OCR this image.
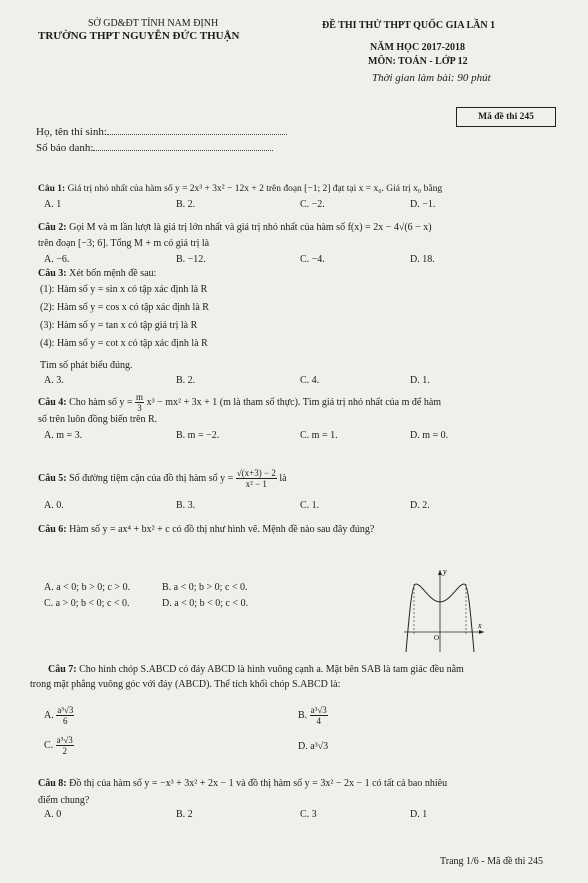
SỞ GD&ĐT TỈNH NAM ĐỊNH
TRƯỜNG THPT NGUYỄN ĐỨC THUẬN
ĐỀ THI THỬ THPT QUỐC GIA LẦN 1
NĂM HỌC 2017-2018
MÔN: TOÁN - LỚP 12
Thời gian làm bài: 90 phút
Mã đề thi 245
Họ, tên thí sinh:
Số báo danh:
Câu 1: Giá trị nhỏ nhất của hàm số y = 2x³ + 3x² − 12x + 2 trên đoạn [−1; 2] đạt tại x = x₀. Giá trị x₀ bằng
A. 1	B. 2.	C. −2.	D. −1.
Câu 2: Gọi M và m lần lượt là giá trị lớn nhất và giá trị nhỏ nhất của hàm số f(x) = 2x − 4√(6 − x)
trên đoạn [−3; 6]. Tổng M + m có giá trị là
A. −6.	B. −12.	C. −4.	D. 18.
Câu 3: Xét bốn mệnh đề sau:
(1): Hàm số y = sin x có tập xác định là R
(2): Hàm số y = cos x có tập xác định là R
(3): Hàm số y = tan x có tập giá trị là R
(4): Hàm số y = cot x có tập xác định là R
Tìm số phát biểu đúng.
A. 3.	B. 2.	C. 4.	D. 1.
Câu 4: Cho hàm số $y = \frac{m}{3} x^3 - mx^2 + 3x + 1$ (m là tham số thực). Tìm giá trị nhỏ nhất của m để hàm
số trên luôn đồng biến trên R.
A. m = 3.	B. m = −2.	C. m = 1.	D. m = 0.
Câu 5: Số đường tiệm cận của đồ thị hàm số $y = \frac{√(x+3) - 2}{\text{x² − 1}}$ là
A. 0.	B. 3.	C. 1.	D. 2.
Câu 6: Hàm số y = ax⁴ + bx² + c có đồ thị như hình vẽ. Mệnh đề nào sau đây đúng?
A. a < 0; b > 0; c > 0.	B. a < 0; b > 0; c < 0.
C. a > 0; b < 0; c < 0.	D. a < 0; b < 0; c < 0.
y
x
O
Câu 7: Cho hình chóp S.ABCD có đáy ABCD là hình vuông cạnh a. Mặt bên SAB là tam giác đều nằm
trong mặt phẳng vuông góc với đáy (ABCD). Thể tích khối chóp S.ABCD là:
A. $\frac{\text{a³√3}}{6}$	B. $\frac{\text{a³√3}}{4}$
C. $\frac{\text{a³√3}}{2}$	D. a³√3
Câu 8: Đồ thị của hàm số y = −x³ + 3x² + 2x − 1 và đồ thị hàm số y = 3x² − 2x − 1 có tất cả bao nhiêu
điểm chung?
A. 0	B. 2	C. 3	D. 1
Trang 1/6 - Mã đề thi 245
